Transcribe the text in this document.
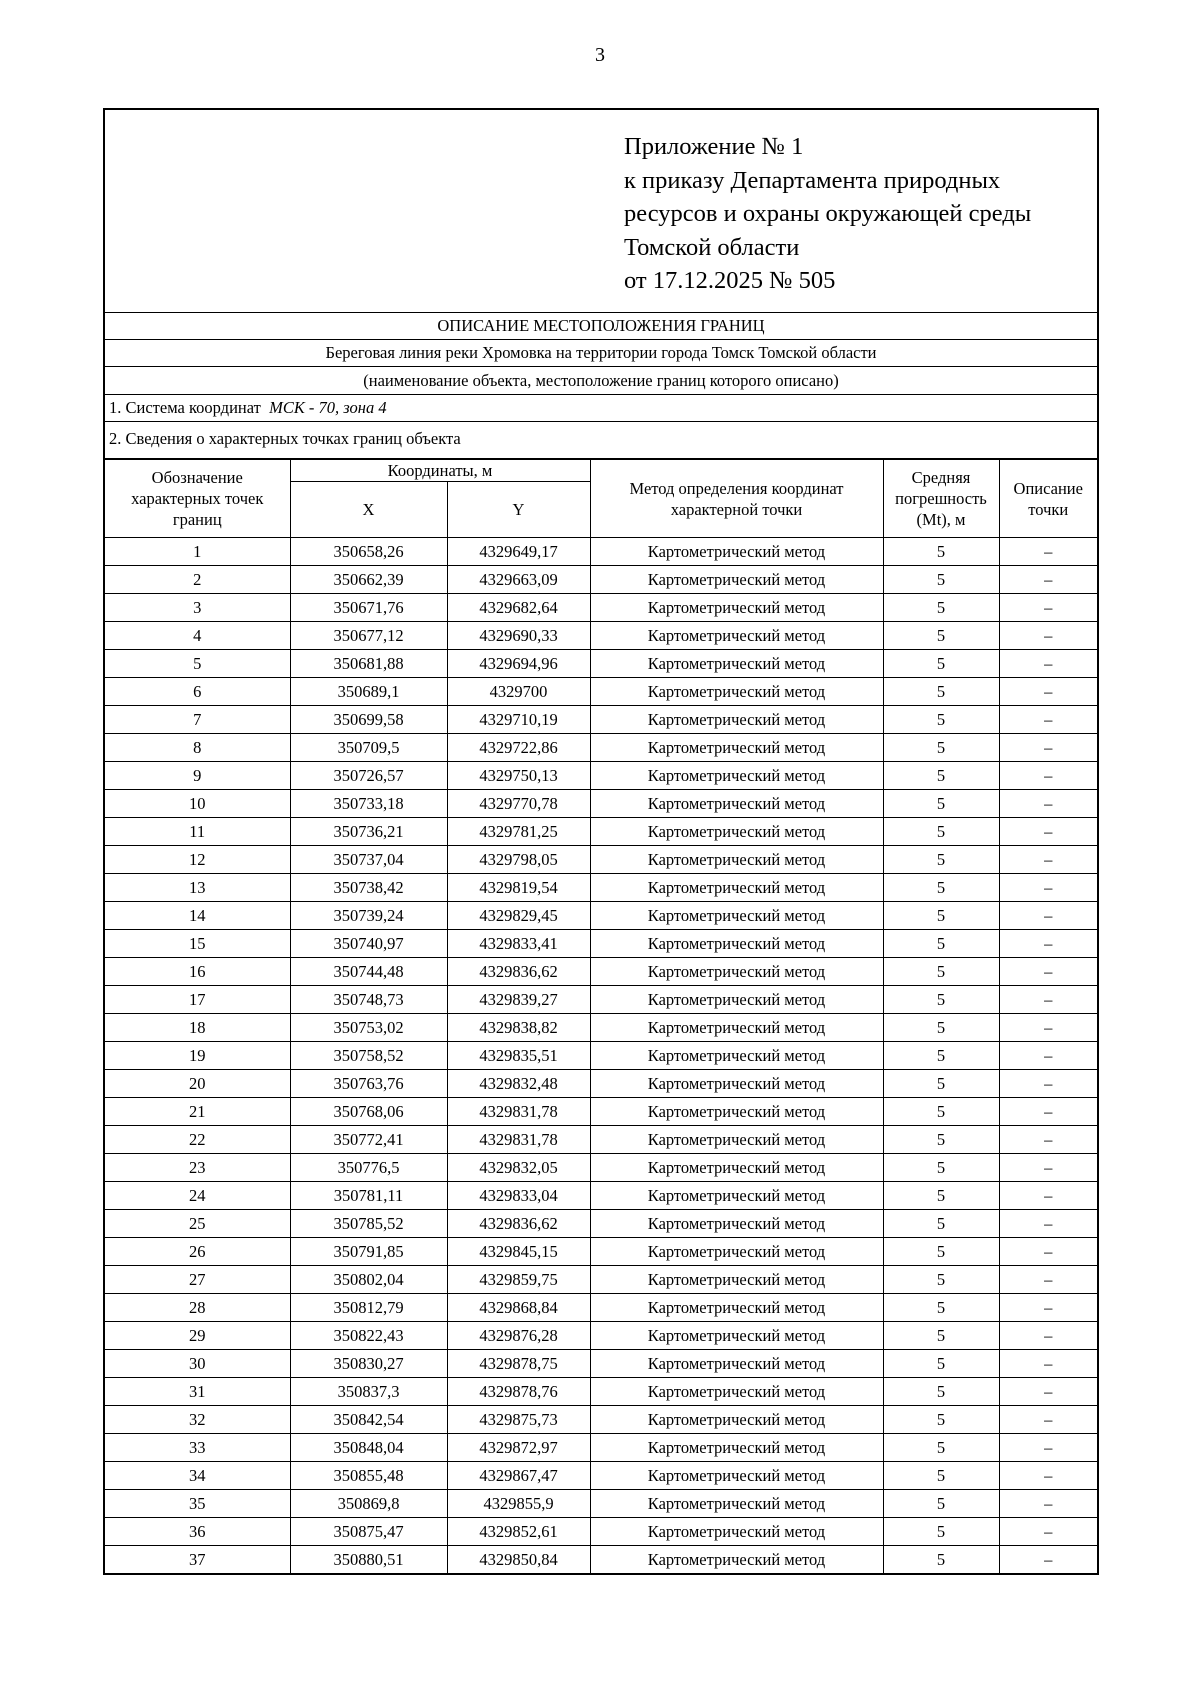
3
Приложение № 1
к приказу Департамента природных
ресурсов и охраны окружающей среды
Томской области
от 17.12.2025 № 505
ОПИСАНИЕ МЕСТОПОЛОЖЕНИЯ ГРАНИЦ
Береговая линия реки Хромовка на территории города Томск Томской области
(наименование объекта, местоположение границ которого описано)
1. Система координат МСК - 70, зона 4
2. Сведения о характерных точках границ объекта
Обозначение характерных точек границ	Координаты, м		Метод определения координат характерной точки	Средняя погрешность (Mt), м	Описание точки
	X	Y			
1	350658,26	4329649,17	Картометрический метод	5	–
2	350662,39	4329663,09	Картометрический метод	5	–
3	350671,76	4329682,64	Картометрический метод	5	–
4	350677,12	4329690,33	Картометрический метод	5	–
5	350681,88	4329694,96	Картометрический метод	5	–
6	350689,1	4329700	Картометрический метод	5	–
7	350699,58	4329710,19	Картометрический метод	5	–
8	350709,5	4329722,86	Картометрический метод	5	–
9	350726,57	4329750,13	Картометрический метод	5	–
10	350733,18	4329770,78	Картометрический метод	5	–
11	350736,21	4329781,25	Картометрический метод	5	–
12	350737,04	4329798,05	Картометрический метод	5	–
13	350738,42	4329819,54	Картометрический метод	5	–
14	350739,24	4329829,45	Картометрический метод	5	–
15	350740,97	4329833,41	Картометрический метод	5	–
16	350744,48	4329836,62	Картометрический метод	5	–
17	350748,73	4329839,27	Картометрический метод	5	–
18	350753,02	4329838,82	Картометрический метод	5	–
19	350758,52	4329835,51	Картометрический метод	5	–
20	350763,76	4329832,48	Картометрический метод	5	–
21	350768,06	4329831,78	Картометрический метод	5	–
22	350772,41	4329831,78	Картометрический метод	5	–
23	350776,5	4329832,05	Картометрический метод	5	–
24	350781,11	4329833,04	Картометрический метод	5	–
25	350785,52	4329836,62	Картометрический метод	5	–
26	350791,85	4329845,15	Картометрический метод	5	–
27	350802,04	4329859,75	Картометрический метод	5	–
28	350812,79	4329868,84	Картометрический метод	5	–
29	350822,43	4329876,28	Картометрический метод	5	–
30	350830,27	4329878,75	Картометрический метод	5	–
31	350837,3	4329878,76	Картометрический метод	5	–
32	350842,54	4329875,73	Картометрический метод	5	–
33	350848,04	4329872,97	Картометрический метод	5	–
34	350855,48	4329867,47	Картометрический метод	5	–
35	350869,8	4329855,9	Картометрический метод	5	–
36	350875,47	4329852,61	Картометрический метод	5	–
37	350880,51	4329850,84	Картометрический метод	5	–
